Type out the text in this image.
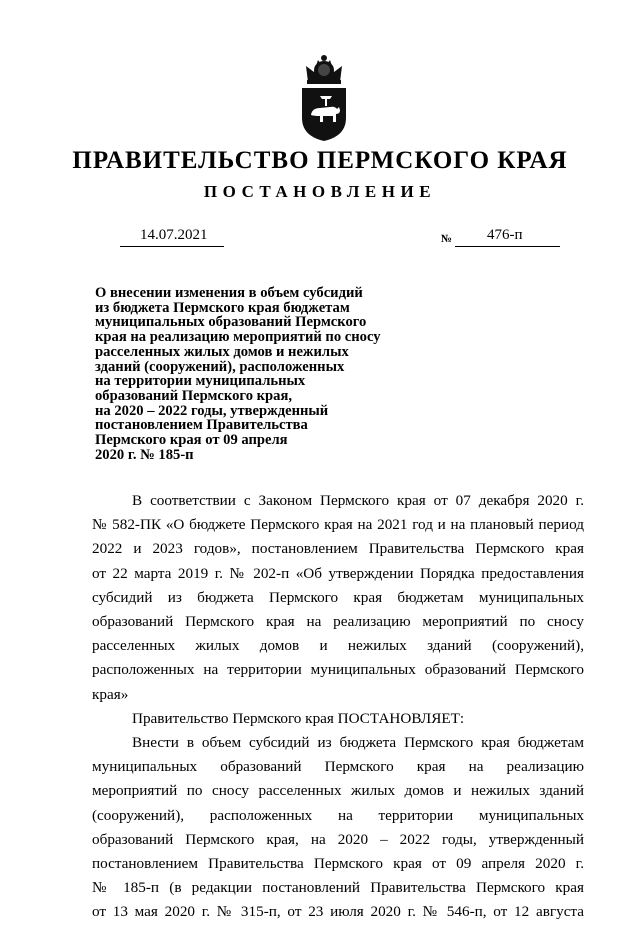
ПРАВИТЕЛЬСТВО ПЕРМСКОГО КРАЯ
ПОСТАНОВЛЕНИЕ
14.07.2021	№ 476-п
О внесении изменения в объем субсидий
из бюджета Пермского края бюджетам
муниципальных образований Пермского
края на реализацию мероприятий по сносу
расселенных жилых домов и нежилых
зданий (сооружений), расположенных
на территории муниципальных
образований Пермского края,
на 2020 – 2022 годы, утвержденный
постановлением Правительства
Пермского края от 09 апреля
2020 г. № 185-п
В соответствии с Законом Пермского края от 07 декабря 2020 г.
№ 582-ПК «О бюджете Пермского края на 2021 год и на плановый период
2022 и 2023 годов», постановлением Правительства Пермского края
от 22 марта 2019 г. № 202-п «Об утверждении Порядка предоставления
субсидий из бюджета Пермского края бюджетам муниципальных
образований Пермского края на реализацию мероприятий по сносу
расселенных жилых домов и нежилых зданий (сооружений),
расположенных на территории муниципальных образований Пермского
края»
Правительство Пермского края ПОСТАНОВЛЯЕТ:
Внести в объем субсидий из бюджета Пермского края бюджетам
муниципальных образований Пермского края на реализацию
мероприятий по сносу расселенных жилых домов и нежилых зданий
(сооружений), расположенных на территории муниципальных
образований Пермского края, на 2020 – 2022 годы, утвержденный
постановлением Правительства Пермского края от 09 апреля 2020 г.
№ 185-п (в редакции постановлений Правительства Пермского края
от 13 мая 2020 г. № 315-п, от 23 июля 2020 г. № 546-п, от 12 августа
